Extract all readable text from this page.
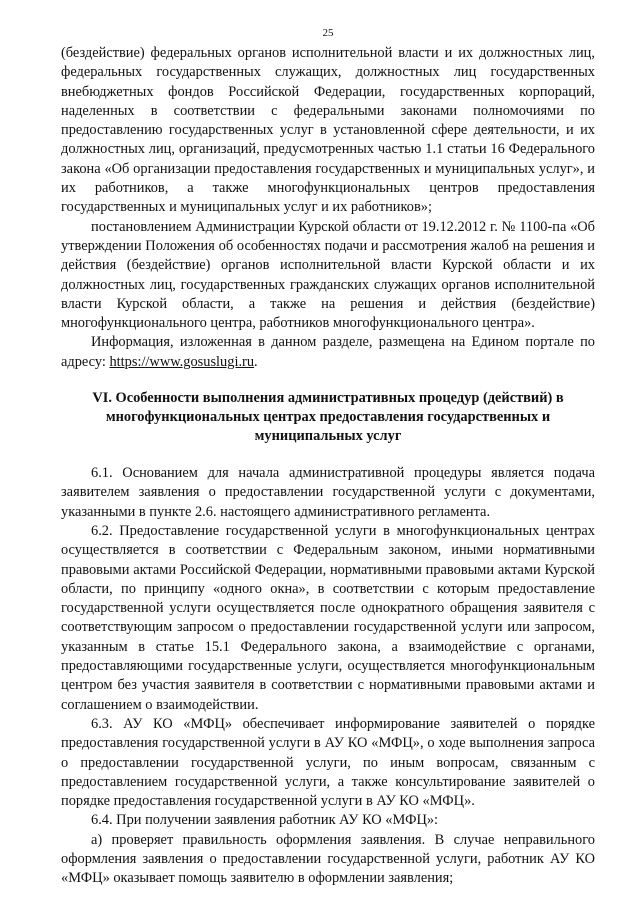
25

(бездействие) федеральных органов исполнительной власти и их должностных лиц, федеральных государственных служащих, должностных лиц государственных внебюджетных фондов Российской Федерации, государственных корпораций, наделенных в соответствии с федеральными законами полномочиями по предоставлению государственных услуг в установленной сфере деятельности, и их должностных лиц, организаций, предусмотренных частью 1.1 статьи 16 Федерального закона «Об организации предоставления государственных и муниципальных услуг», и их работников, а также многофункциональных центров предоставления государственных и муниципальных услуг и их работников»;

постановлением Администрации Курской области от 19.12.2012 г. № 1100-па «Об утверждении Положения об особенностях подачи и рассмотрения жалоб на решения и действия (бездействие) органов исполнительной власти Курской области и их должностных лиц, государственных гражданских служащих органов исполнительной власти Курской области, а также на решения и действия (бездействие) многофункционального центра, работников многофункционального центра».

Информация, изложенная в данном разделе, размещена на Едином портале по адресу: https://www.gosuslugi.ru.

VI. Особенности выполнения административных процедур (действий) в многофункциональных центрах предоставления государственных и муниципальных услуг

6.1. Основанием для начала административной процедуры является подача заявителем заявления о предоставлении государственной услуги с документами, указанными в пункте 2.6. настоящего административного регламента.

6.2. Предоставление государственной услуги в многофункциональных центрах осуществляется в соответствии с Федеральным законом, иными нормативными правовыми актами Российской Федерации, нормативными правовыми актами Курской области, по принципу «одного окна», в соответствии с которым предоставление государственной услуги осуществляется после однократного обращения заявителя с соответствующим запросом о предоставлении государственной услуги или запросом, указанным в статье 15.1 Федерального закона, а взаимодействие с органами, предоставляющими государственные услуги, осуществляется многофункциональным центром без участия заявителя в соответствии с нормативными правовыми актами и соглашением о взаимодействии.

6.3. АУ КО «МФЦ» обеспечивает информирование заявителей о порядке предоставления государственной услуги в АУ КО «МФЦ», о ходе выполнения запроса о предоставлении государственной услуги, по иным вопросам, связанным с предоставлением государственной услуги, а также консультирование заявителей о порядке предоставления государственной услуги в АУ КО «МФЦ».

6.4. При получении заявления работник АУ КО «МФЦ»:

а) проверяет правильность оформления заявления. В случае неправильного оформления заявления о предоставлении государственной услуги, работник АУ КО «МФЦ» оказывает помощь заявителю в оформлении заявления;
